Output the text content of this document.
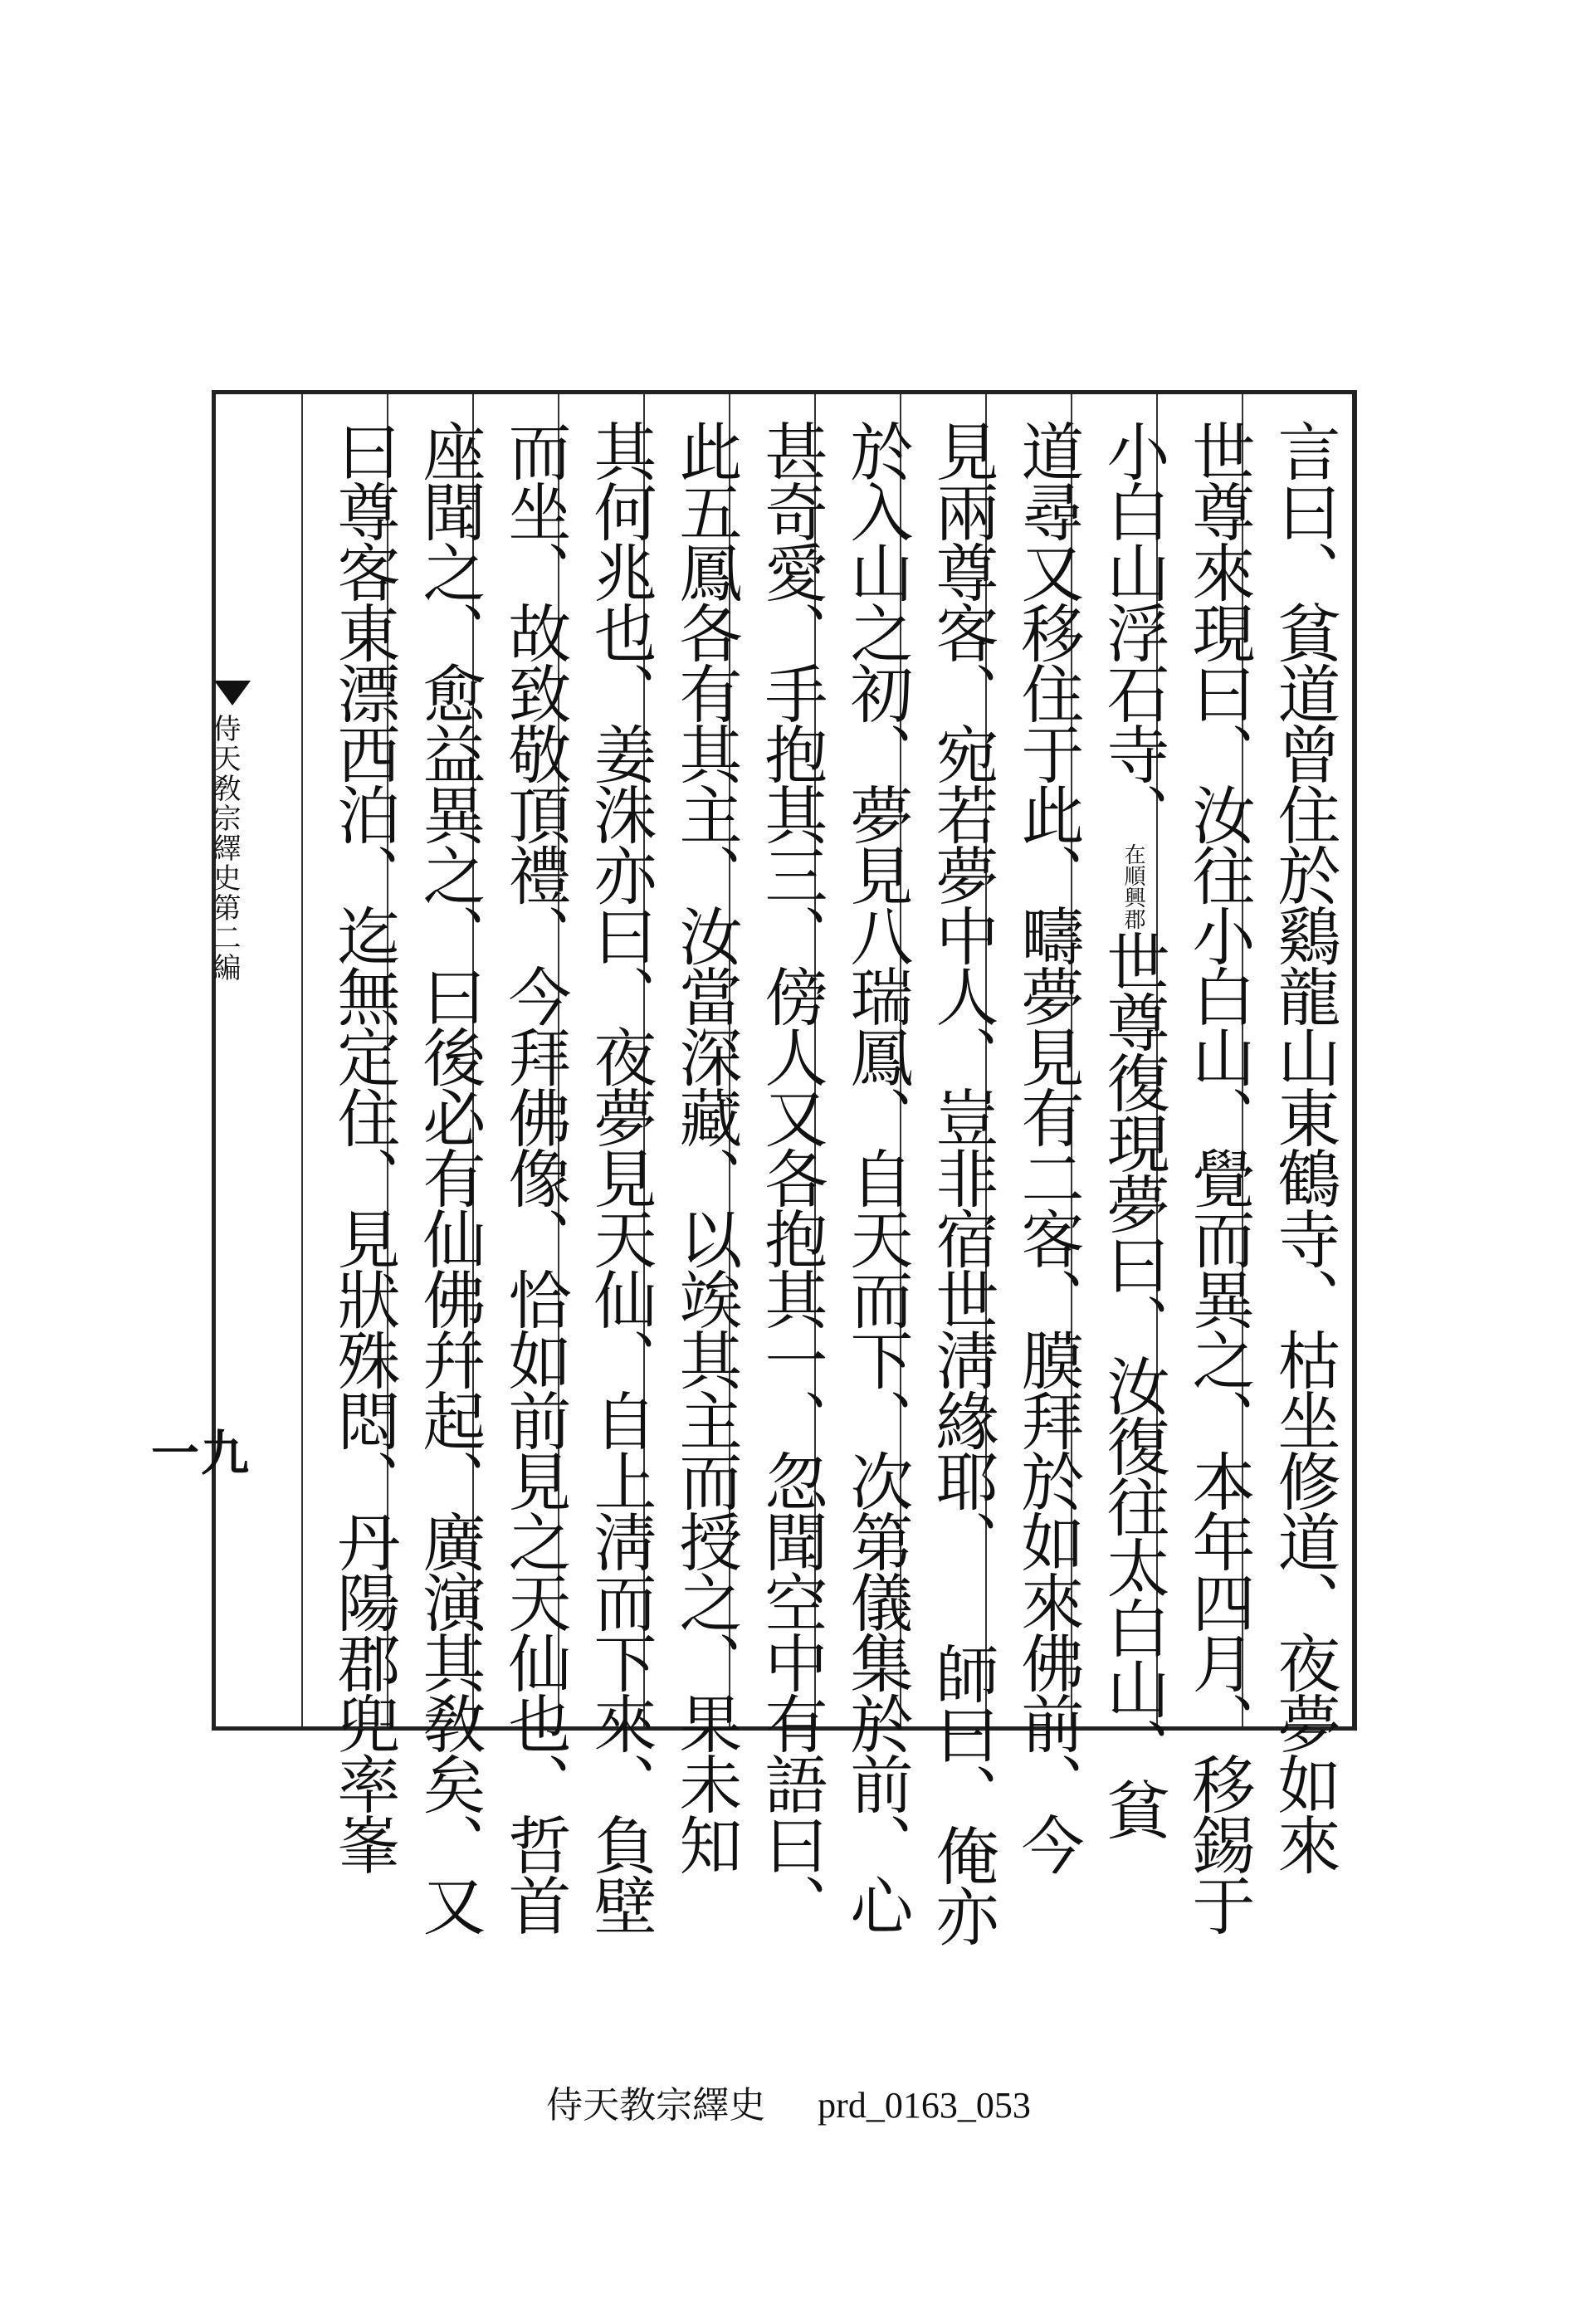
言曰、貧道曾住於鷄龍山東鶴寺、枯坐修道、夜夢如來
世尊來現曰、汝往小白山、覺而異之、本年四月、移錫于
小白山浮石寺、在順興郡世尊復現夢曰、汝復往太白山、貧
道尋又移住于此、疇夢見有二客、膜拜於如來佛前、今
見兩尊客、宛若夢中人、豈非宿世淸緣耶、 師曰、俺亦
於入山之初、夢見八瑞鳳、自天而下、次第儀集於前、心
甚奇愛、手抱其三、傍人又各抱其一、忽聞空中有語曰、
此五鳳各有其主、汝當深藏、以竢其主而授之、果未知
其何兆也、姜洙亦曰、夜夢見天仙、自上淸而下來、負壁
而坐、故致敬頂禮、今拜佛像、恰如前見之天仙也、哲首
座聞之、愈益異之、曰後必有仙佛幷起、廣演其敎矣、又
曰尊客東漂西泊、迄無定住、見狀殊悶、丹陽郡兜率峯
侍天敎宗繹史第二編
九一
侍天教宗繹史 prd_0163_053
